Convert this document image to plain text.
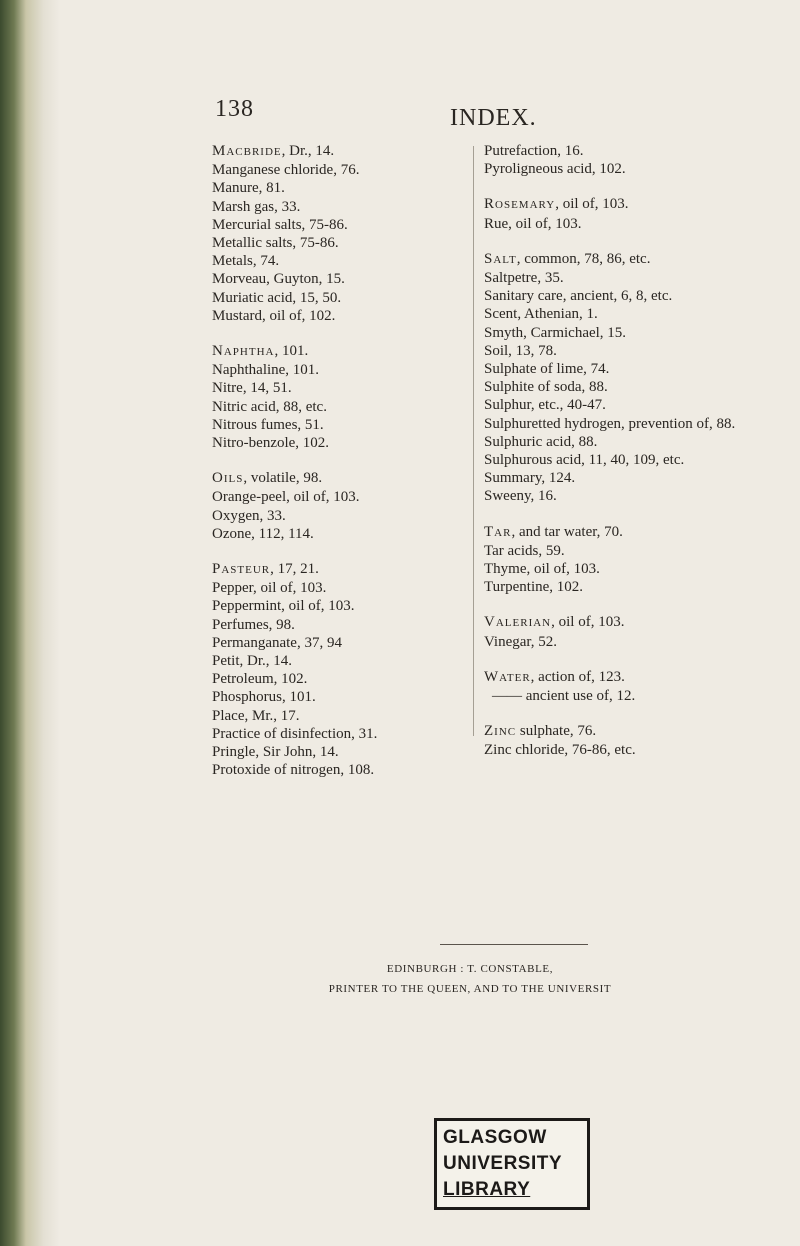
138	INDEX.
MACBRIDE, Dr., 14.
Manganese chloride, 76.
Manure, 81.
Marsh gas, 33.
Mercurial salts, 75-86.
Metallic salts, 75-86.
Metals, 74.
Morveau, Guyton, 15.
Muriatic acid, 15, 50.
Mustard, oil of, 102.
NAPHTHA, 101.
Naphthaline, 101.
Nitre, 14, 51.
Nitric acid, 88, etc.
Nitrous fumes, 51.
Nitro-benzole, 102.
OILS, volatile, 98.
Orange-peel, oil of, 103.
Oxygen, 33.
Ozone, 112, 114.
PASTEUR, 17, 21.
Pepper, oil of, 103.
Peppermint, oil of, 103.
Perfumes, 98.
Permanganate, 37, 94
Petit, Dr., 14.
Petroleum, 102.
Phosphorus, 101.
Place, Mr., 17.
Practice of disinfection, 31.
Pringle, Sir John, 14.
Protoxide of nitrogen, 108.
Putrefaction, 16.
Pyroligneous acid, 102.
ROSEMARY, oil of, 103.
Rue, oil of, 103.
SALT, common, 78, 86, etc.
Saltpetre, 35.
Sanitary care, ancient, 6, 8, etc.
Scent, Athenian, 1.
Smyth, Carmichael, 15.
Soil, 13, 78.
Sulphate of lime, 74.
Sulphite of soda, 88.
Sulphur, etc., 40-47.
Sulphuretted hydrogen, prevention of, 88.
Sulphuric acid, 88.
Sulphurous acid, 11, 40, 109, etc.
Summary, 124.
Sweeny, 16.
TAR, and tar water, 70.
Tar acids, 59.
Thyme, oil of, 103.
Turpentine, 102.
VALERIAN, oil of, 103.
Vinegar, 52.
WATER, action of, 123.
—— ancient use of, 12.
ZINC sulphate, 76.
Zinc chloride, 76-86, etc.
EDINBURGH : T. CONSTABLE,
PRINTER TO THE QUEEN, AND TO THE UNIVERSIT
GLASGOW
UNIVERSITY
LIBRARY
